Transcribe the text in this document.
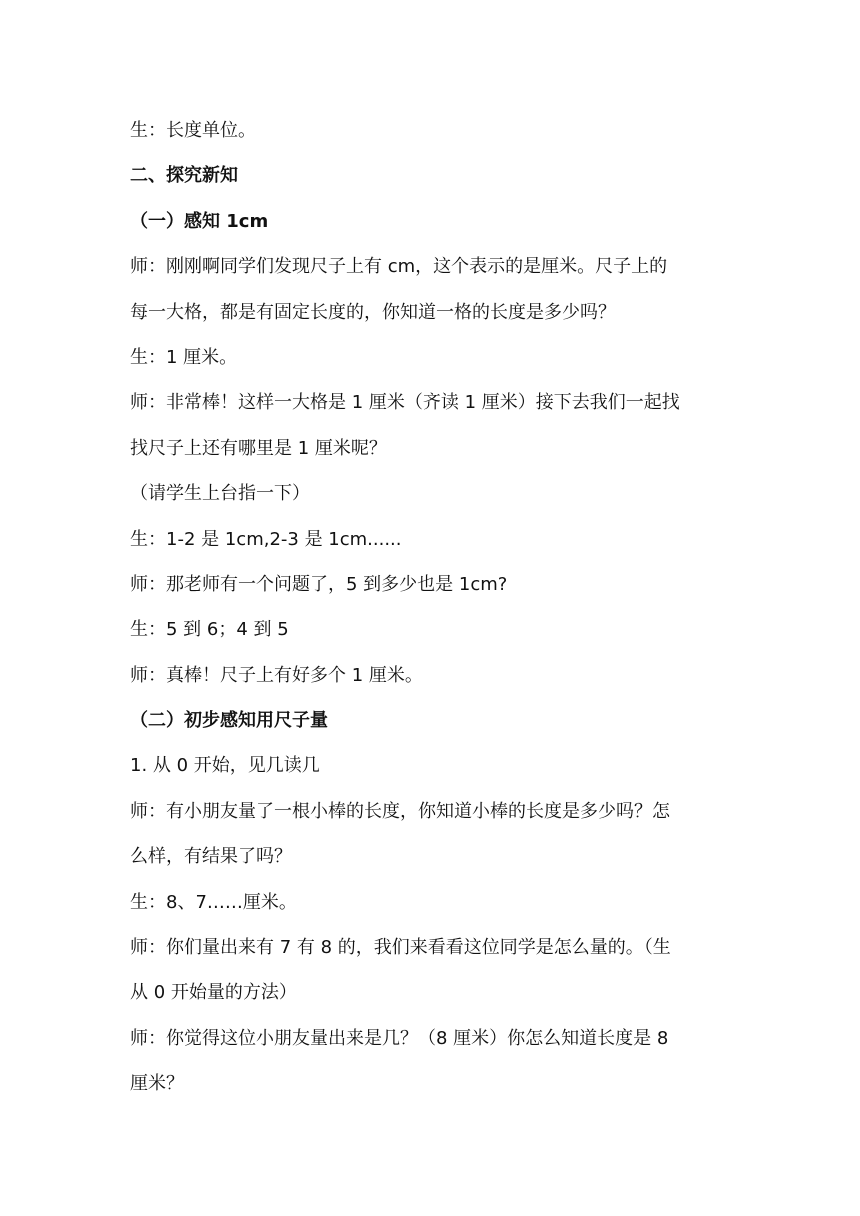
生：长度单位。
二、探究新知
（一）感知 1cm
师：刚刚啊同学们发现尺子上有 cm，这个表示的是厘米。尺子上的
每一大格，都是有固定长度的，你知道一格的长度是多少吗？
生：1 厘米。
师：非常棒！这样一大格是 1 厘米（齐读 1 厘米）接下去我们一起找
找尺子上还有哪里是 1 厘米呢？
（请学生上台指一下）
生：1-2 是 1cm,2-3 是 1cm......
师：那老师有一个问题了，5 到多少也是 1cm?
生：5 到 6；4 到 5
师：真棒！尺子上有好多个 1 厘米。
（二）初步感知用尺子量
1. 从 0 开始，见几读几
师：有小朋友量了一根小棒的长度，你知道小棒的长度是多少吗？怎
么样，有结果了吗？
生：8、7……厘米。
师：你们量出来有 7 有 8 的，我们来看看这位同学是怎么量的。（生
从 0 开始量的方法）
师：你觉得这位小朋友量出来是几？（8 厘米）你怎么知道长度是 8
厘米？
